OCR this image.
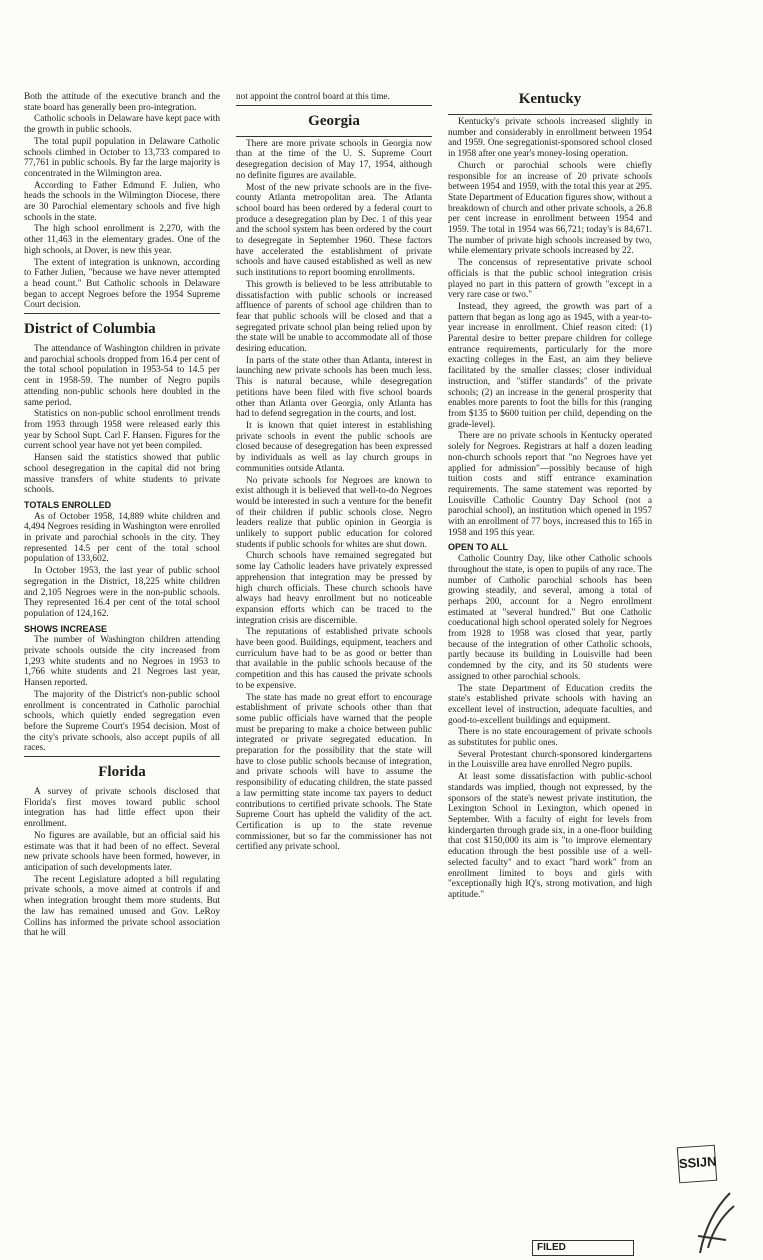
Both the attitude of the executive branch and the state board has generally been pro-integration.

Catholic schools in Delaware have kept pace with the growth in public schools.

The total pupil population in Delaware Catholic schools climbed in October to 13,733 compared to 77,761 in public schools. By far the large majority is concentrated in the Wilmington area.

According to Father Edmund F. Julien, who heads the schools in the Wilmington Diocese, there are 30 Parochial elementary schools and five high schools in the state.

The high school enrollment is 2,270, with the other 11,463 in the elementary grades. One of the high schools, at Dover, is new this year.

The extent of integration is unknown, according to Father Julien, "because we have never attempted a head count." But Catholic schools in Delaware began to accept Negroes before the 1954 Supreme Court decision.

District of Columbia

The attendance of Washington children in private and parochial schools dropped from 16.4 per cent of the total school population in 1953-54 to 14.5 per cent in 1958-59. The number of Negro pupils attending non-public schools here doubled in the same period.

Statistics on non-public school enrollment trends from 1953 through 1958 were released early this year by School Supt. Carl F. Hansen. Figures for the current school year have not yet been compiled.

Hansen said the statistics showed that public school desegregation in the capital did not bring massive transfers of white students to private schools.

TOTALS ENROLLED

As of October 1958, 14,889 white children and 4,494 Negroes residing in Washington were enrolled in private and parochial schools in the city. They represented 14.5 per cent of the total school population of 133,602.

In October 1953, the last year of public school segregation in the District, 18,225 white children and 2,105 Negroes were in the non-public schools. They represented 16.4 per cent of the total school population of 124,162.

SHOWS INCREASE

The number of Washington children attending private schools outside the city increased from 1,293 white students and no Negroes in 1953 to 1,766 white students and 21 Negroes last year, Hansen reported.

The majority of the District's non-public school enrollment is concentrated in Catholic parochial schools, which quietly ended segregation even before the Supreme Court's 1954 decision. Most of the city's private schools, also accept pupils of all races.

Florida

A survey of private schools disclosed that Florida's first moves toward public school integration has had little effect upon their enrollment.

No figures are available, but an official said his estimate was that it had been of no effect. Several new private schools have been formed, however, in anticipation of such developments later.

The recent Legislature adopted a bill regulating private schools, a move aimed at controls if and when integration brought them more students. But the law has remained unused and Gov. LeRoy Collins has informed the private school association that he will

not appoint the control board at this time.

Georgia

There are more private schools in Georgia now than at the time of the U. S. Supreme Court desegregation decision of May 17, 1954, although no definite figures are available.

Most of the new private schools are in the five-county Atlanta metropolitan area. The Atlanta school board has been ordered by a federal court to produce a desegregation plan by Dec. 1 of this year and the school system has been ordered by the court to desegregate in September 1960. These factors have accelerated the establishment of private schools and have caused established as well as new such institutions to report booming enrollments.

This growth is believed to be less attributable to dissatisfaction with public schools or increased affluence of parents of school age children than to fear that public schools will be closed and that a segregated private school plan being relied upon by the state will be unable to accommodate all of those desiring education.

In parts of the state other than Atlanta, interest in launching new private schools has been much less. This is natural because, while desegregation petitions have been filed with five school boards other than Atlanta over Georgia, only Atlanta has had to defend segregation in the courts, and lost.

It is known that quiet interest in establishing private schools in event the public schools are closed because of desegregation has been expressed by individuals as well as lay church groups in communities outside Atlanta.

No private schools for Negroes are known to exist although it is believed that well-to-do Negroes would be interested in such a venture for the benefit of their children if public schools close. Negro leaders realize that public opinion in Georgia is unlikely to support public education for colored students if public schools for whites are shut down.

Church schools have remained segregated but some lay Catholic leaders have privately expressed apprehension that integration may be pressed by high church officials. These church schools have always had heavy enrollment but no noticeable expansion efforts which can be traced to the integration crisis are discernible.

The reputations of established private schools have been good. Buildings, equipment, teachers and curriculum have had to be as good or better than that available in the public schools because of the competition and this has caused the private schools to be expensive.

The state has made no great effort to encourage establishment of private schools other than that some public officials have warned that the people must be preparing to make a choice between public integrated or private segregated education. In preparation for the possibility that the state will have to close public schools because of integration, and private schools will have to assume the responsibility of educating children, the state passed a law permitting state income tax payers to deduct contributions to certified private schools. The State Supreme Court has upheld the validity of the act. Certification is up to the state revenue commissioner, but so far the commissioner has not certified any private school.

Kentucky

Kentucky's private schools increased slightly in number and considerably in enrollment between 1954 and 1959. One segregationist-sponsored school closed in 1958 after one year's money-losing operation.

Church or parochial schools were chiefly responsible for an increase of 20 private schools between 1954 and 1959, with the total this year at 295. State Department of Education figures show, without a breakdown of church and other private schools, a 26.8 per cent increase in enrollment between 1954 and 1959. The total in 1954 was 66,721; today's is 84,671. The number of private high schools increased by two, while elementary private schools increased by 22.

The concensus of representative private school officials is that the public school integration crisis played no part in this pattern of growth "except in a very rare case or two."

Instead, they agreed, the growth was part of a pattern that began as long ago as 1945, with a year-to-year increase in enrollment. Chief reason cited: (1) Parental desire to better prepare children for college entrance requirements, particularly for the more exacting colleges in the East, an aim they believe facilitated by the smaller classes; closer individual instruction, and "stiffer standards" of the private schools; (2) an increase in the general prosperity that enables more parents to foot the bills for this (ranging from $135 to $600 tuition per child, depending on the grade-level).

There are no private schools in Kentucky operated solely for Negroes. Registrars at half a dozen leading non-church schools report that "no Negroes have yet applied for admission"—possibly because of high tuition costs and stiff entrance examination requirements. The same statement was reported by Louisville Catholic Country Day School (not a parochial school), an institution which opened in 1957 with an enrollment of 77 boys, increased this to 165 in 1958 and 195 this year.

OPEN TO ALL

Catholic Country Day, like other Catholic schools throughout the state, is open to pupils of any race. The number of Catholic parochial schools has been growing steadily, and several, among a total of perhaps 200, account for a Negro enrollment estimated at "several hundred." But one Catholic coeducational high school operated solely for Negroes from 1928 to 1958 was closed that year, partly because of the integration of other Catholic schools, partly because its building in Louisville had been condemned by the city, and its 50 students were assigned to other parochial schools.

The state Department of Education credits the state's established private schools with having an excellent level of instruction, adequate faculties, and good-to-excellent buildings and equipment.

There is no state encouragement of private schools as substitutes for public ones.

Several Protestant church-sponsored kindergartens in the Louisville area have enrolled Negro pupils.

At least some dissatisfaction with public-school standards was implied, though not expressed, by the sponsors of the state's newest private institution, the Lexington School in Lexington, which opened in September. With a faculty of eight for levels from kindergarten through grade six, in a one-floor building that cost $150,000 its aim is "to improve elementary education through the best possible use of a well-selected faculty" and to exact "hard work" from an enrollment limited to boys and girls with "exceptionally high IQ's, strong motivation, and high aptitude."

SSIJN
FILED
